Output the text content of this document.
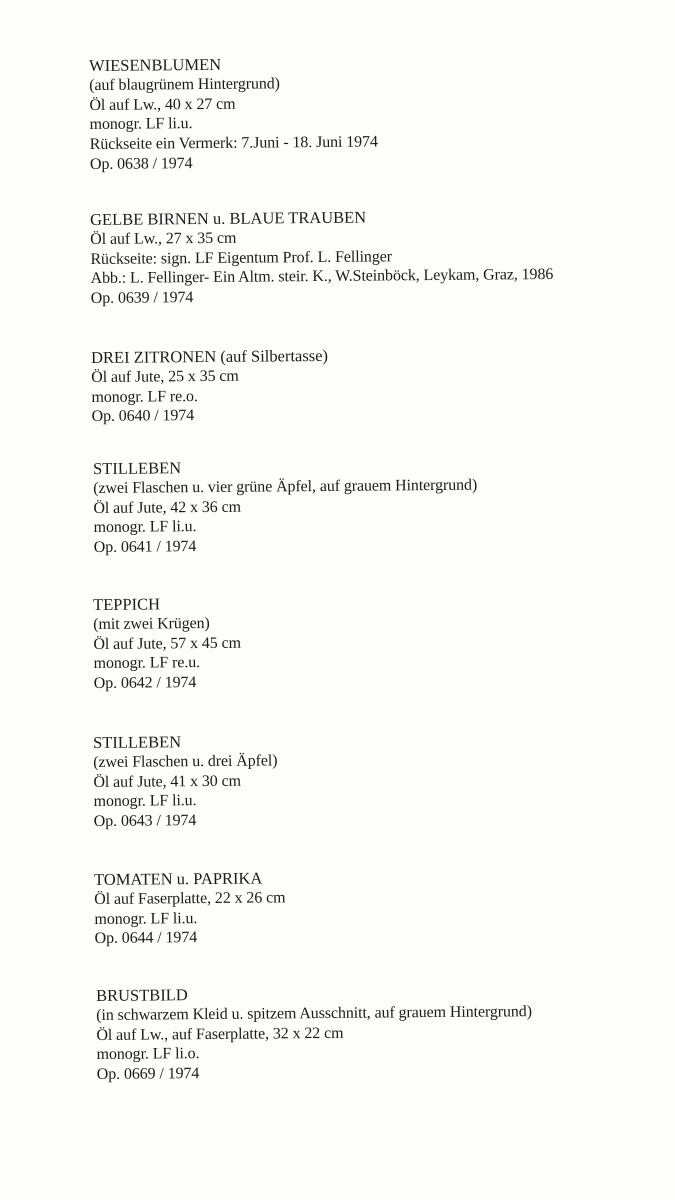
WIESENBLUMEN
(auf blaugrünem Hintergrund)
Öl auf Lw., 40 x 27 cm
monogr. LF li.u.
Rückseite ein Vermerk: 7.Juni - 18. Juni 1974
Op. 0638 / 1974
GELBE BIRNEN u. BLAUE TRAUBEN
Öl auf Lw., 27 x 35 cm
Rückseite: sign. LF Eigentum Prof. L. Fellinger
Abb.: L. Fellinger- Ein Altm. steir. K., W.Steinböck, Leykam, Graz, 1986
Op. 0639 / 1974
DREI ZITRONEN (auf Silbertasse)
Öl auf Jute, 25 x 35 cm
monogr. LF re.o.
Op. 0640 / 1974
STILLEBEN
(zwei Flaschen u. vier grüne Äpfel, auf grauem Hintergrund)
Öl auf Jute, 42 x 36 cm
monogr. LF li.u.
Op. 0641 / 1974
TEPPICH
(mit zwei Krügen)
Öl auf Jute, 57 x 45 cm
monogr. LF re.u.
Op. 0642 / 1974
STILLEBEN
(zwei Flaschen u. drei Äpfel)
Öl auf Jute, 41 x 30 cm
monogr. LF li.u.
Op. 0643 / 1974
TOMATEN u. PAPRIKA
Öl auf Faserplatte, 22 x 26 cm
monogr. LF li.u.
Op. 0644 / 1974
BRUSTBILD
(in schwarzem Kleid u. spitzem Ausschnitt, auf grauem Hintergrund)
Öl auf Lw., auf Faserplatte, 32 x 22 cm
monogr. LF li.o.
Op. 0669 / 1974
